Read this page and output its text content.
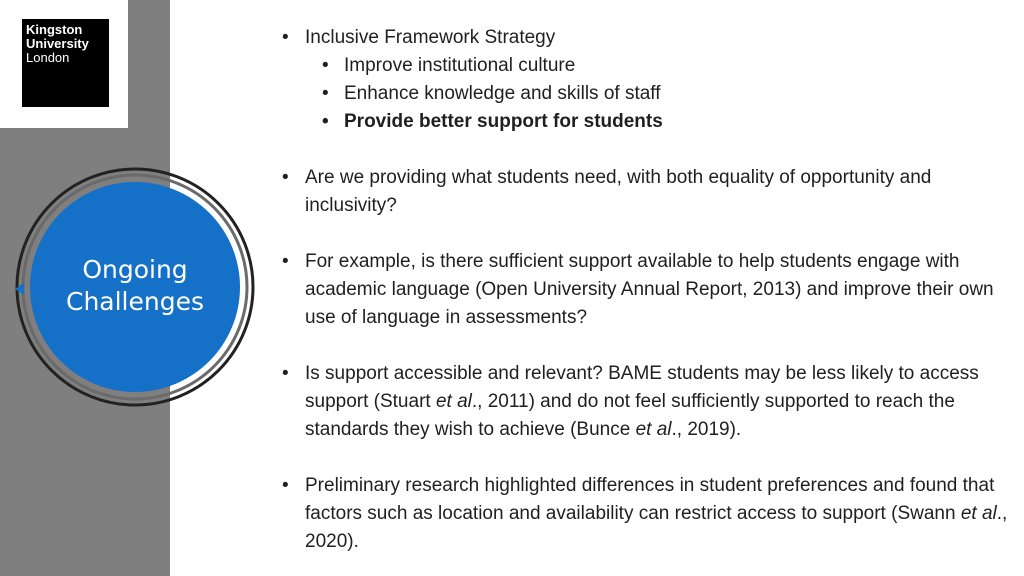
Kingston
University
London
Ongoing
Challenges
• Inclusive Framework Strategy
• Improve institutional culture
• Enhance knowledge and skills of staff
• Provide better support for students
• Are we providing what students need, with both equality of opportunity and inclusivity?
• For example, is there sufficient support available to help students engage with academic language (Open University Annual Report, 2013) and improve their own use of language in assessments?
• Is support accessible and relevant? BAME students may be less likely to access support (Stuart et al., 2011) and do not feel sufficiently supported to reach the standards they wish to achieve (Bunce et al., 2019).
• Preliminary research highlighted differences in student preferences and found that factors such as location and availability can restrict access to support (Swann et al., 2020).
